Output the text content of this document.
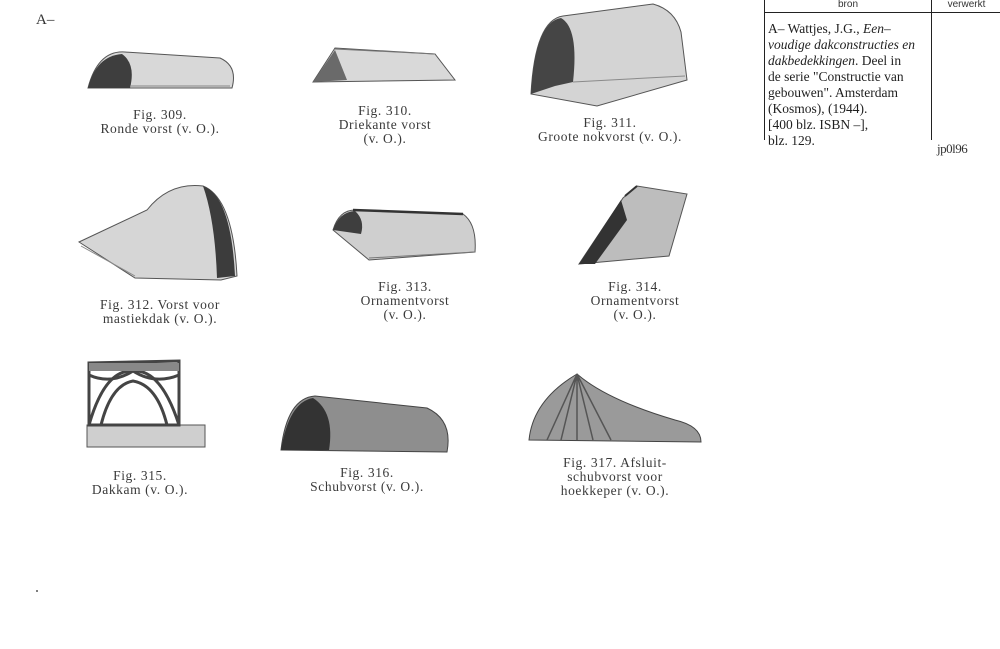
A–
Fig. 309.
Ronde vorst (v. O.).
Fig. 310.
Driekante vorst
(v. O.).
Fig. 311.
Groote nokvorst (v. O.).
Fig. 312. Vorst voor
mastiekdak (v. O.).
Fig. 313.
Ornamentvorst
(v. O.).
Fig. 314.
Ornamentvorst
(v. O.).
Fig. 315.
Dakkam (v. O.).
Fig. 316.
Schubvorst (v. O.).
Fig. 317. Afsluit-
schubvorst voor
hoekkeper (v. O.).
bron	verwerkt
A– Wattjes, J.G., Een–
voudige dakconstructies en
dakbedekkingen. Deel in
de serie "Constructie van
gebouwen". Amsterdam
(Kosmos), (1944).
[400 blz. ISBN –],
blz. 129.
jp0l96
